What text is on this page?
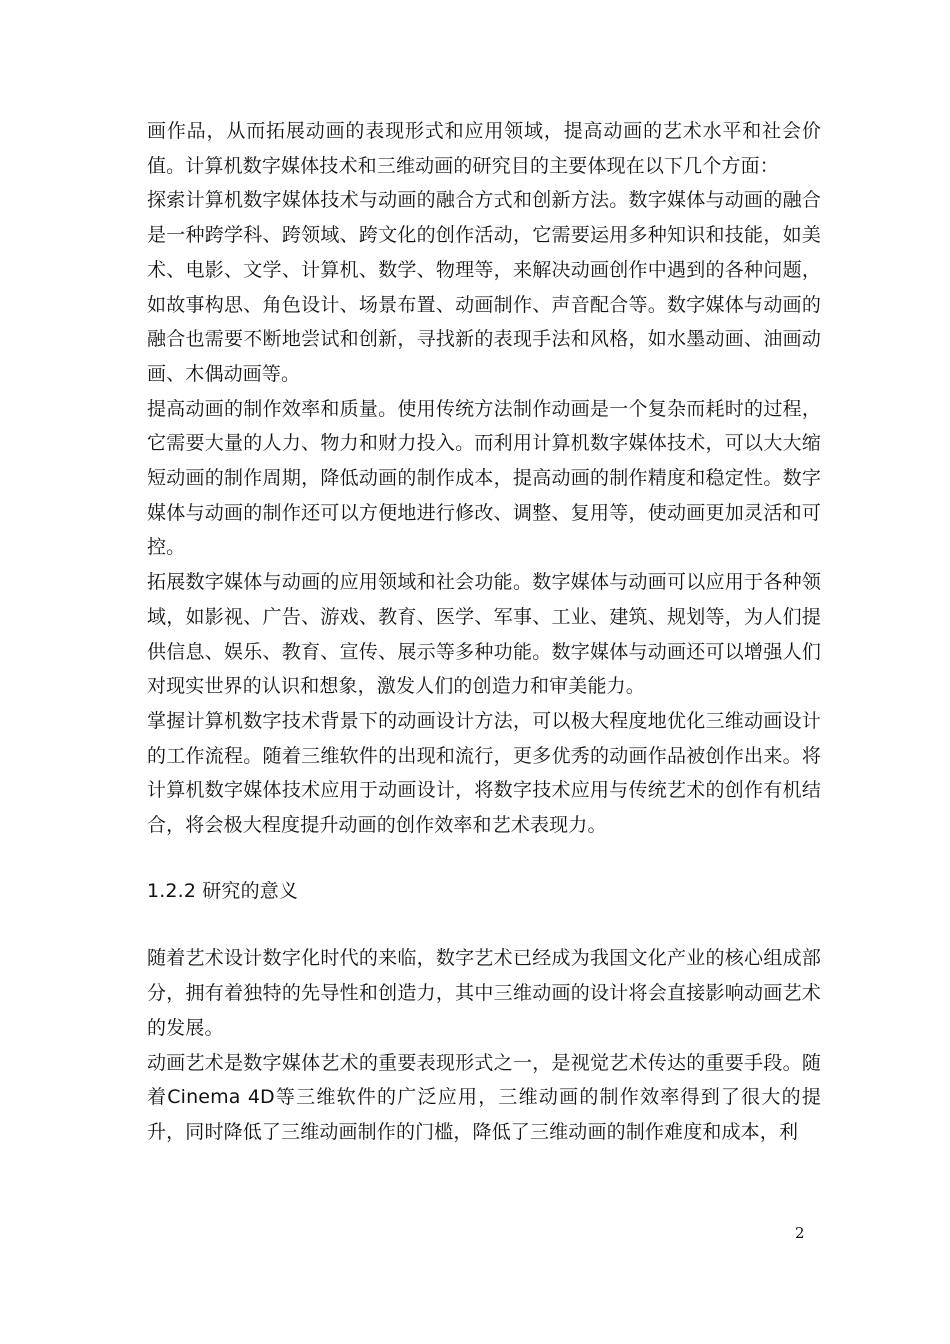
画作品，从而拓展动画的表现形式和应用领域，提高动画的艺术水平和社会价值。计算机数字媒体技术和三维动画的研究目的主要体现在以下几个方面：

探索计算机数字媒体技术与动画的融合方式和创新方法。数字媒体与动画的融合是一种跨学科、跨领域、跨文化的创作活动，它需要运用多种知识和技能，如美术、电影、文学、计算机、数学、物理等，来解决动画创作中遇到的各种问题，如故事构思、角色设计、场景布置、动画制作、声音配合等。数字媒体与动画的融合也需要不断地尝试和创新，寻找新的表现手法和风格，如水墨动画、油画动画、木偶动画等。

提高动画的制作效率和质量。使用传统方法制作动画是一个复杂而耗时的过程，它需要大量的人力、物力和财力投入。而利用计算机数字媒体技术，可以大大缩短动画的制作周期，降低动画的制作成本，提高动画的制作精度和稳定性。数字媒体与动画的制作还可以方便地进行修改、调整、复用等，使动画更加灵活和可控。

拓展数字媒体与动画的应用领域和社会功能。数字媒体与动画可以应用于各种领域，如影视、广告、游戏、教育、医学、军事、工业、建筑、规划等，为人们提供信息、娱乐、教育、宣传、展示等多种功能。数字媒体与动画还可以增强人们对现实世界的认识和想象，激发人们的创造力和审美能力。

掌握计算机数字技术背景下的动画设计方法，可以极大程度地优化三维动画设计的工作流程。随着三维软件的出现和流行，更多优秀的动画作品被创作出来。将计算机数字媒体技术应用于动画设计，将数字技术应用与传统艺术的创作有机结合，将会极大程度提升动画的创作效率和艺术表现力。

1.2.2 研究的意义

随着艺术设计数字化时代的来临，数字艺术已经成为我国文化产业的核心组成部分，拥有着独特的先导性和创造力，其中三维动画的设计将会直接影响动画艺术的发展。

动画艺术是数字媒体艺术的重要表现形式之一，是视觉艺术传达的重要手段。随着Cinema 4D等三维软件的广泛应用，三维动画的制作效率得到了很大的提升，同时降低了三维动画制作的门槛，降低了三维动画的制作难度和成本，利

2
